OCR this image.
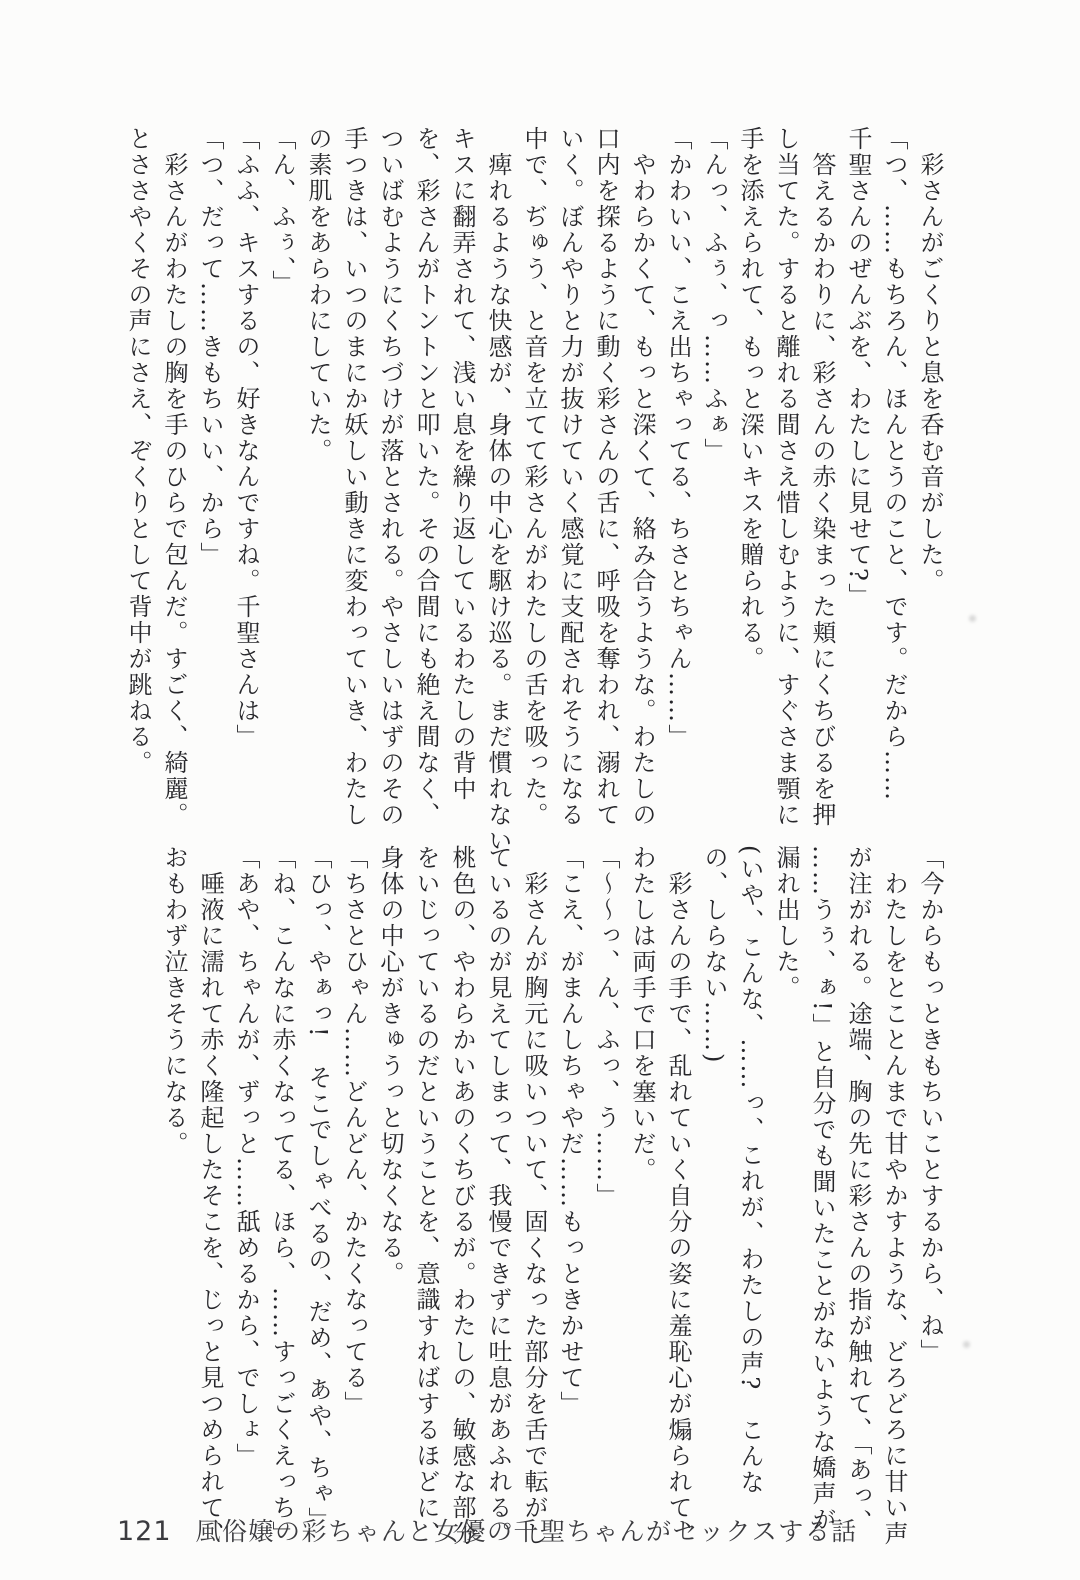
彩さんがごくりと息を呑む音がした。

「つ、……もちろん、ほんとうのこと、です。だから……

千聖さんのぜんぶを、わたしに見せて?」

答えるかわりに、彩さんの赤く染まった頬にくちびるを押

し当てた。すると離れる間さえ惜しむように、すぐさま顎に

手を添えられて、もっと深いキスを贈られる。

「んっ、ふぅ、っ……ふぁ」

「かわいい、こえ出ちゃってる、ちさとちゃん……」

やわらかくて、もっと深くて、絡み合うような。わたしの

口内を探るように動く彩さんの舌に、呼吸を奪われ、溺れて

いく。ぼんやりと力が抜けていく感覚に支配されそうになる

中で、ぢゅう、と音を立てて彩さんがわたしの舌を吸った。

痺れるような快感が、身体の中心を駆け巡る。まだ慣れない

キスに翻弄されて、浅い息を繰り返しているわたしの背中

を、彩さんがトントンと叩いた。その合間にも絶え間なく、

ついばむようにくちづけが落とされる。やさしいはずのその

手つきは、いつのまにか妖しい動きに変わっていき、わたし

の素肌をあらわにしていた。

「ん、ふぅ、」

「ふふ、キスするの、好きなんですね。千聖さんは」

「つ、だって……きもちいい、から」

彩さんがわたしの胸を手のひらで包んだ。すごく、綺麗。

とささやくその声にさえ、ぞくりとして背中が跳ねる。

「今からもっときもちいことするから、ね」

わたしをとことんまで甘やかすような、どろどろに甘い声

が注がれる。途端、胸の先に彩さんの指が触れて、「あっ、

……うぅ、ぁ!」と自分でも聞いたことがないような嬌声が

漏れ出した。

(いや、こんな、……っ、これが、わたしの声?　こんな

の、しらない……)

彩さんの手で、乱れていく自分の姿に羞恥心が煽られて、

わたしは両手で口を塞いだ。

「〜〜っ、ん、ふっ、う……」

「こえ、がまんしちゃやだ……もっときかせて」

彩さんが胸元に吸いついて、固くなった部分を舌で転がし

ているのが見えてしまって、我慢できずに吐息があふれる。

桃色の、やわらかいあのくちびるが。わたしの、敏感な部分

をいじっているのだということを、意識すればするほどに、

身体の中心がきゅうっと切なくなる。

「ちさとひゃん……どんどん、かたくなってる」

「ひっ、やぁっ!　そこでしゃべるの、だめ、あや、ちゃ」

「ね、こんなに赤くなってる、ほら、……すっごくえっち」

「あや、ちゃんが、ずっと……舐めるから、でしょ」

唾液に濡れて赤く隆起したそこを、じっと見つめられて、

おもわず泣きそうになる。

121 風俗嬢の彩ちゃんと女優の千聖ちゃんがセックスする話
